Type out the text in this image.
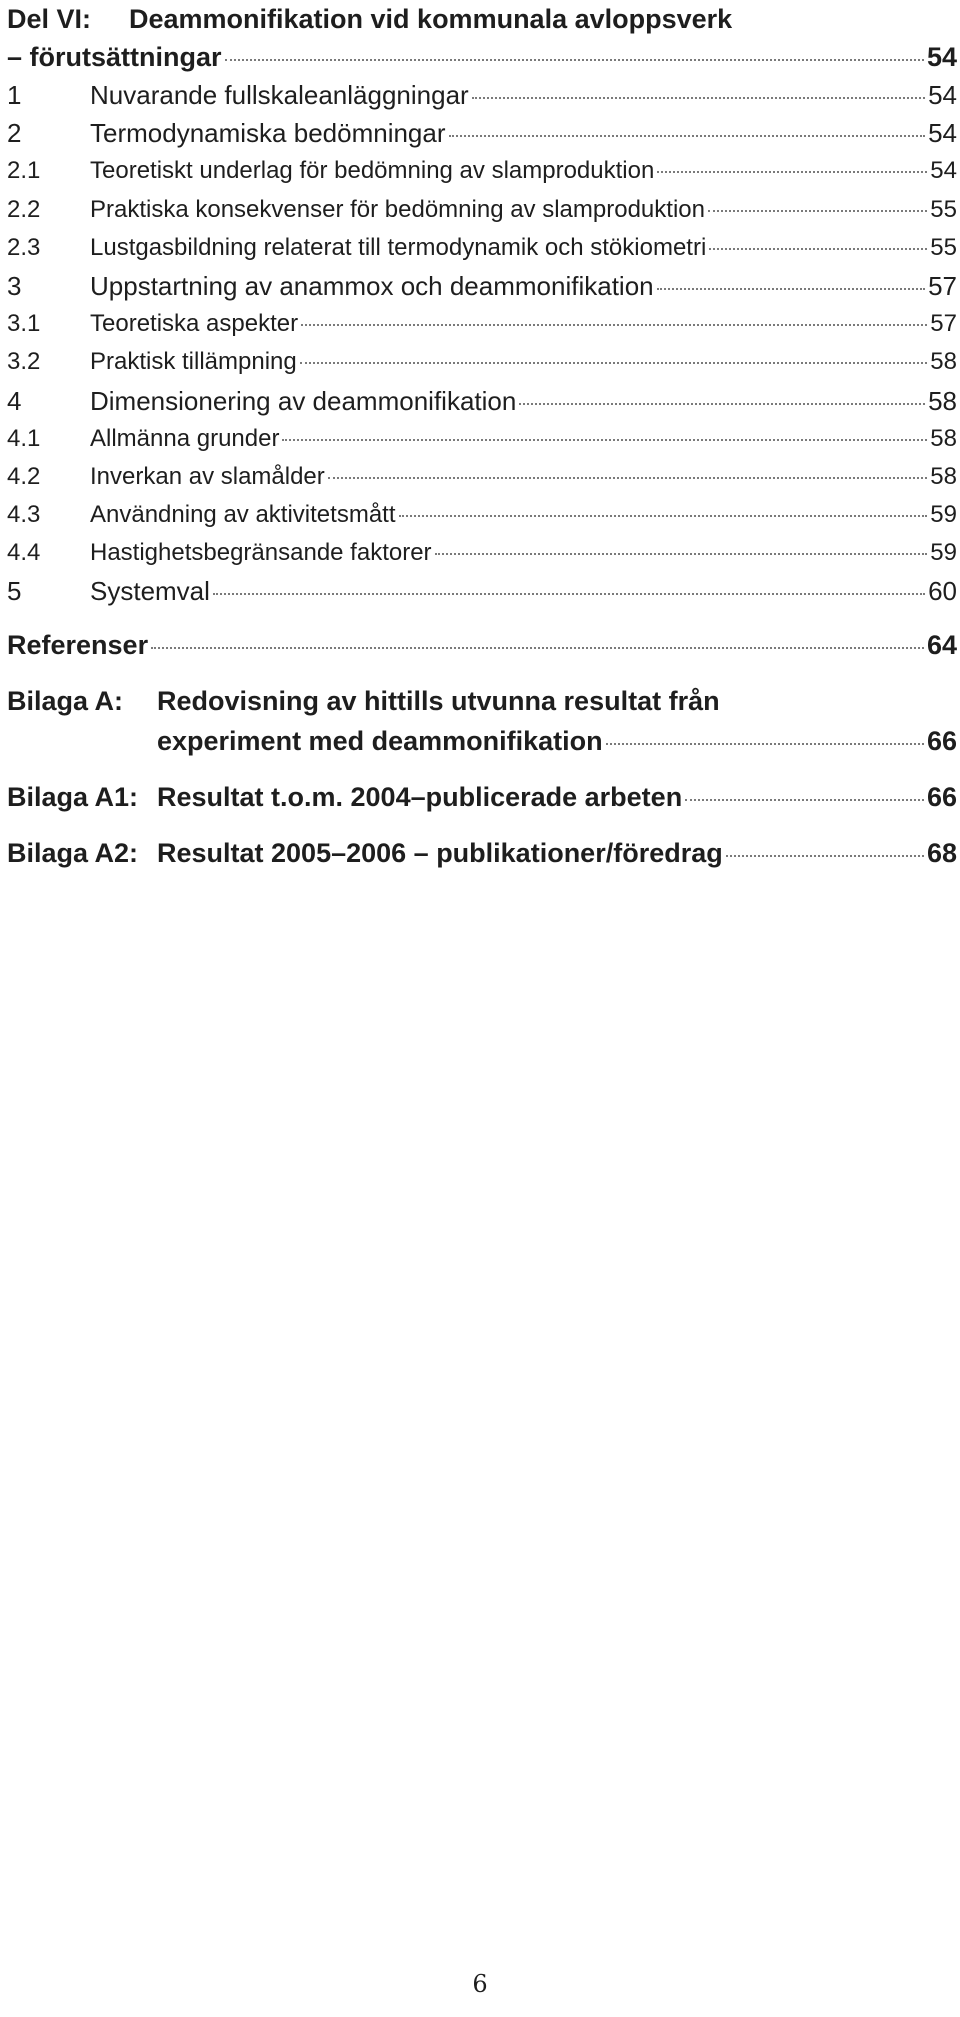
Del VI:	Deammonifikation vid kommunala avloppsverk
– förutsättningar	54
1	Nuvarande fullskaleanläggningar	54
2	Termodynamiska bedömningar	54
2.1	Teoretiskt underlag för bedömning av slamproduktion	54
2.2	Praktiska konsekvenser för bedömning av slamproduktion	55
2.3	Lustgasbildning relaterat till termodynamik och stökiometri	55
3	Uppstartning av anammox och deammonifikation	57
3.1	Teoretiska aspekter	57
3.2	Praktisk tillämpning	58
4	Dimensionering av deammonifikation	58
4.1	Allmänna grunder	58
4.2	Inverkan av slamålder	58
4.3	Användning av aktivitetsmått	59
4.4	Hastighetsbegränsande faktorer	59
5	Systemval	60
Referenser	64
Bilaga A:	Redovisning av hittills utvunna resultat från
experiment med deammonifikation	66
Bilaga A1: Resultat t.o.m. 2004–publicerade arbeten	66
Bilaga A2: Resultat 2005–2006 – publikationer/föredrag	68
6
